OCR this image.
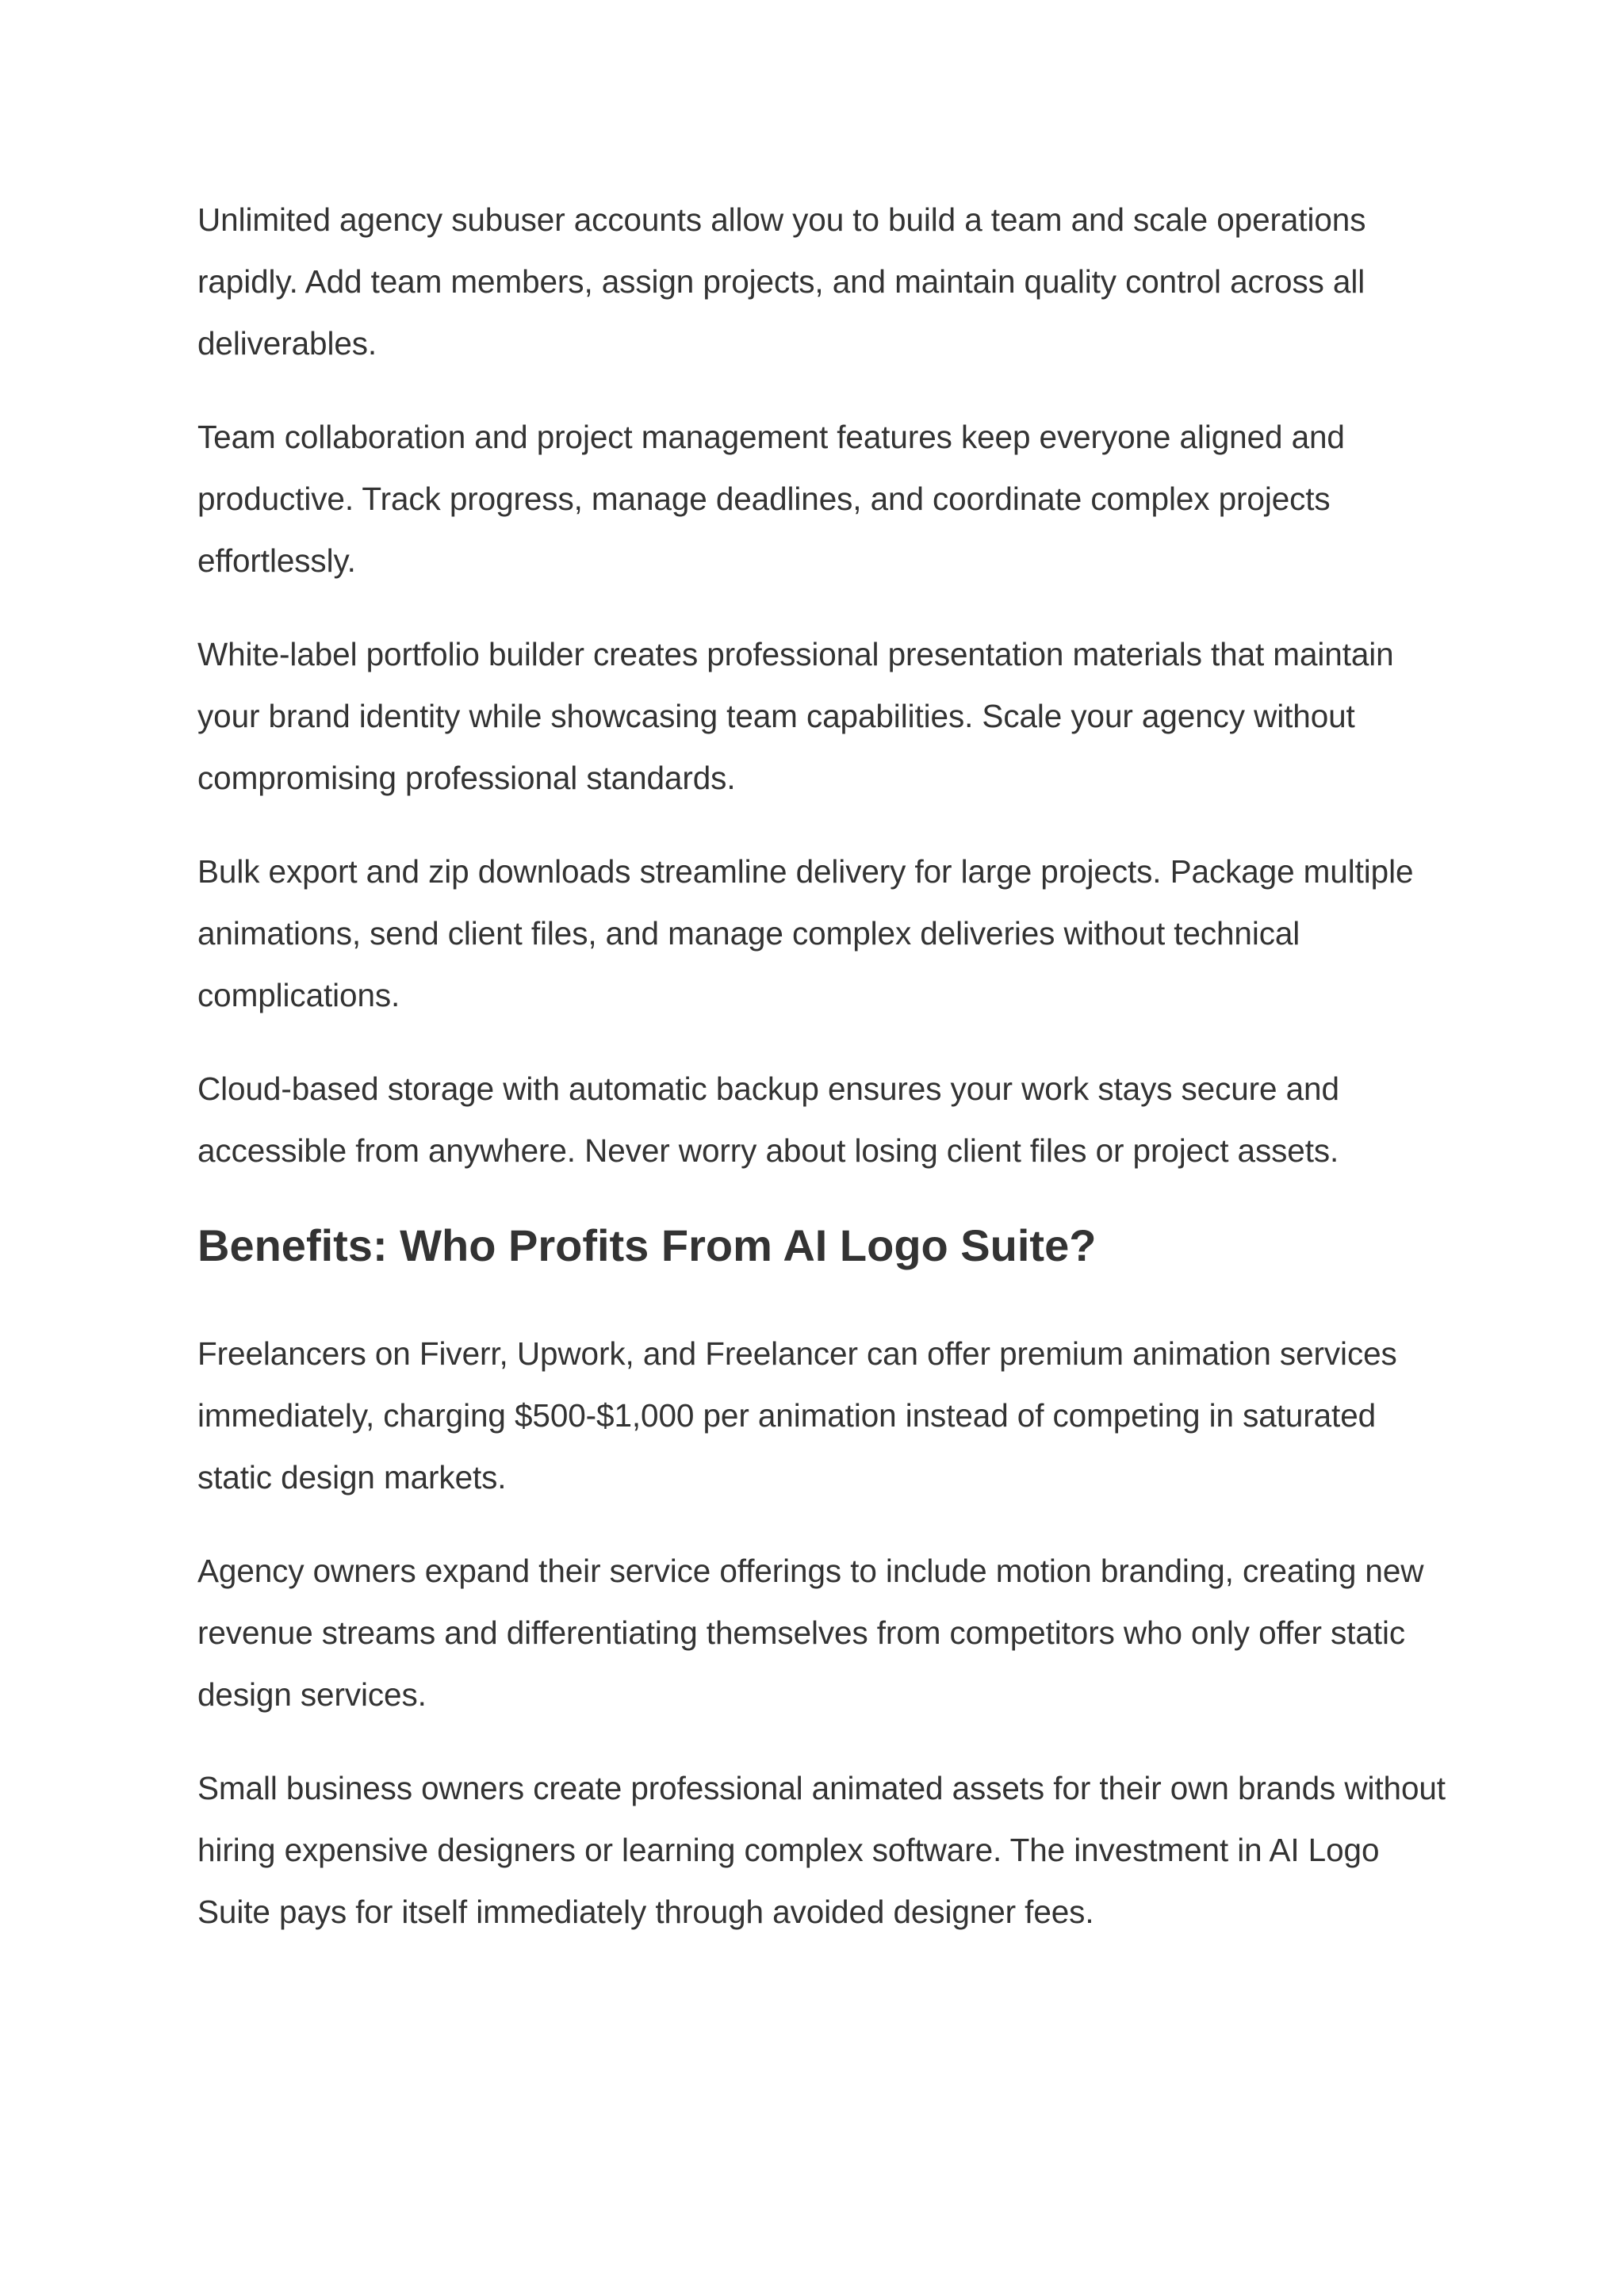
Unlimited agency subuser accounts allow you to build a team and scale operations rapidly. Add team members, assign projects, and maintain quality control across all deliverables.

Team collaboration and project management features keep everyone aligned and productive. Track progress, manage deadlines, and coordinate complex projects effortlessly.

White-label portfolio builder creates professional presentation materials that maintain your brand identity while showcasing team capabilities. Scale your agency without compromising professional standards.

Bulk export and zip downloads streamline delivery for large projects. Package multiple animations, send client files, and manage complex deliveries without technical complications.

Cloud-based storage with automatic backup ensures your work stays secure and accessible from anywhere. Never worry about losing client files or project assets.

Benefits: Who Profits From AI Logo Suite?

Freelancers on Fiverr, Upwork, and Freelancer can offer premium animation services immediately, charging $500-$1,000 per animation instead of competing in saturated static design markets.

Agency owners expand their service offerings to include motion branding, creating new revenue streams and differentiating themselves from competitors who only offer static design services.

Small business owners create professional animated assets for their own brands without hiring expensive designers or learning complex software. The investment in AI Logo Suite pays for itself immediately through avoided designer fees.
